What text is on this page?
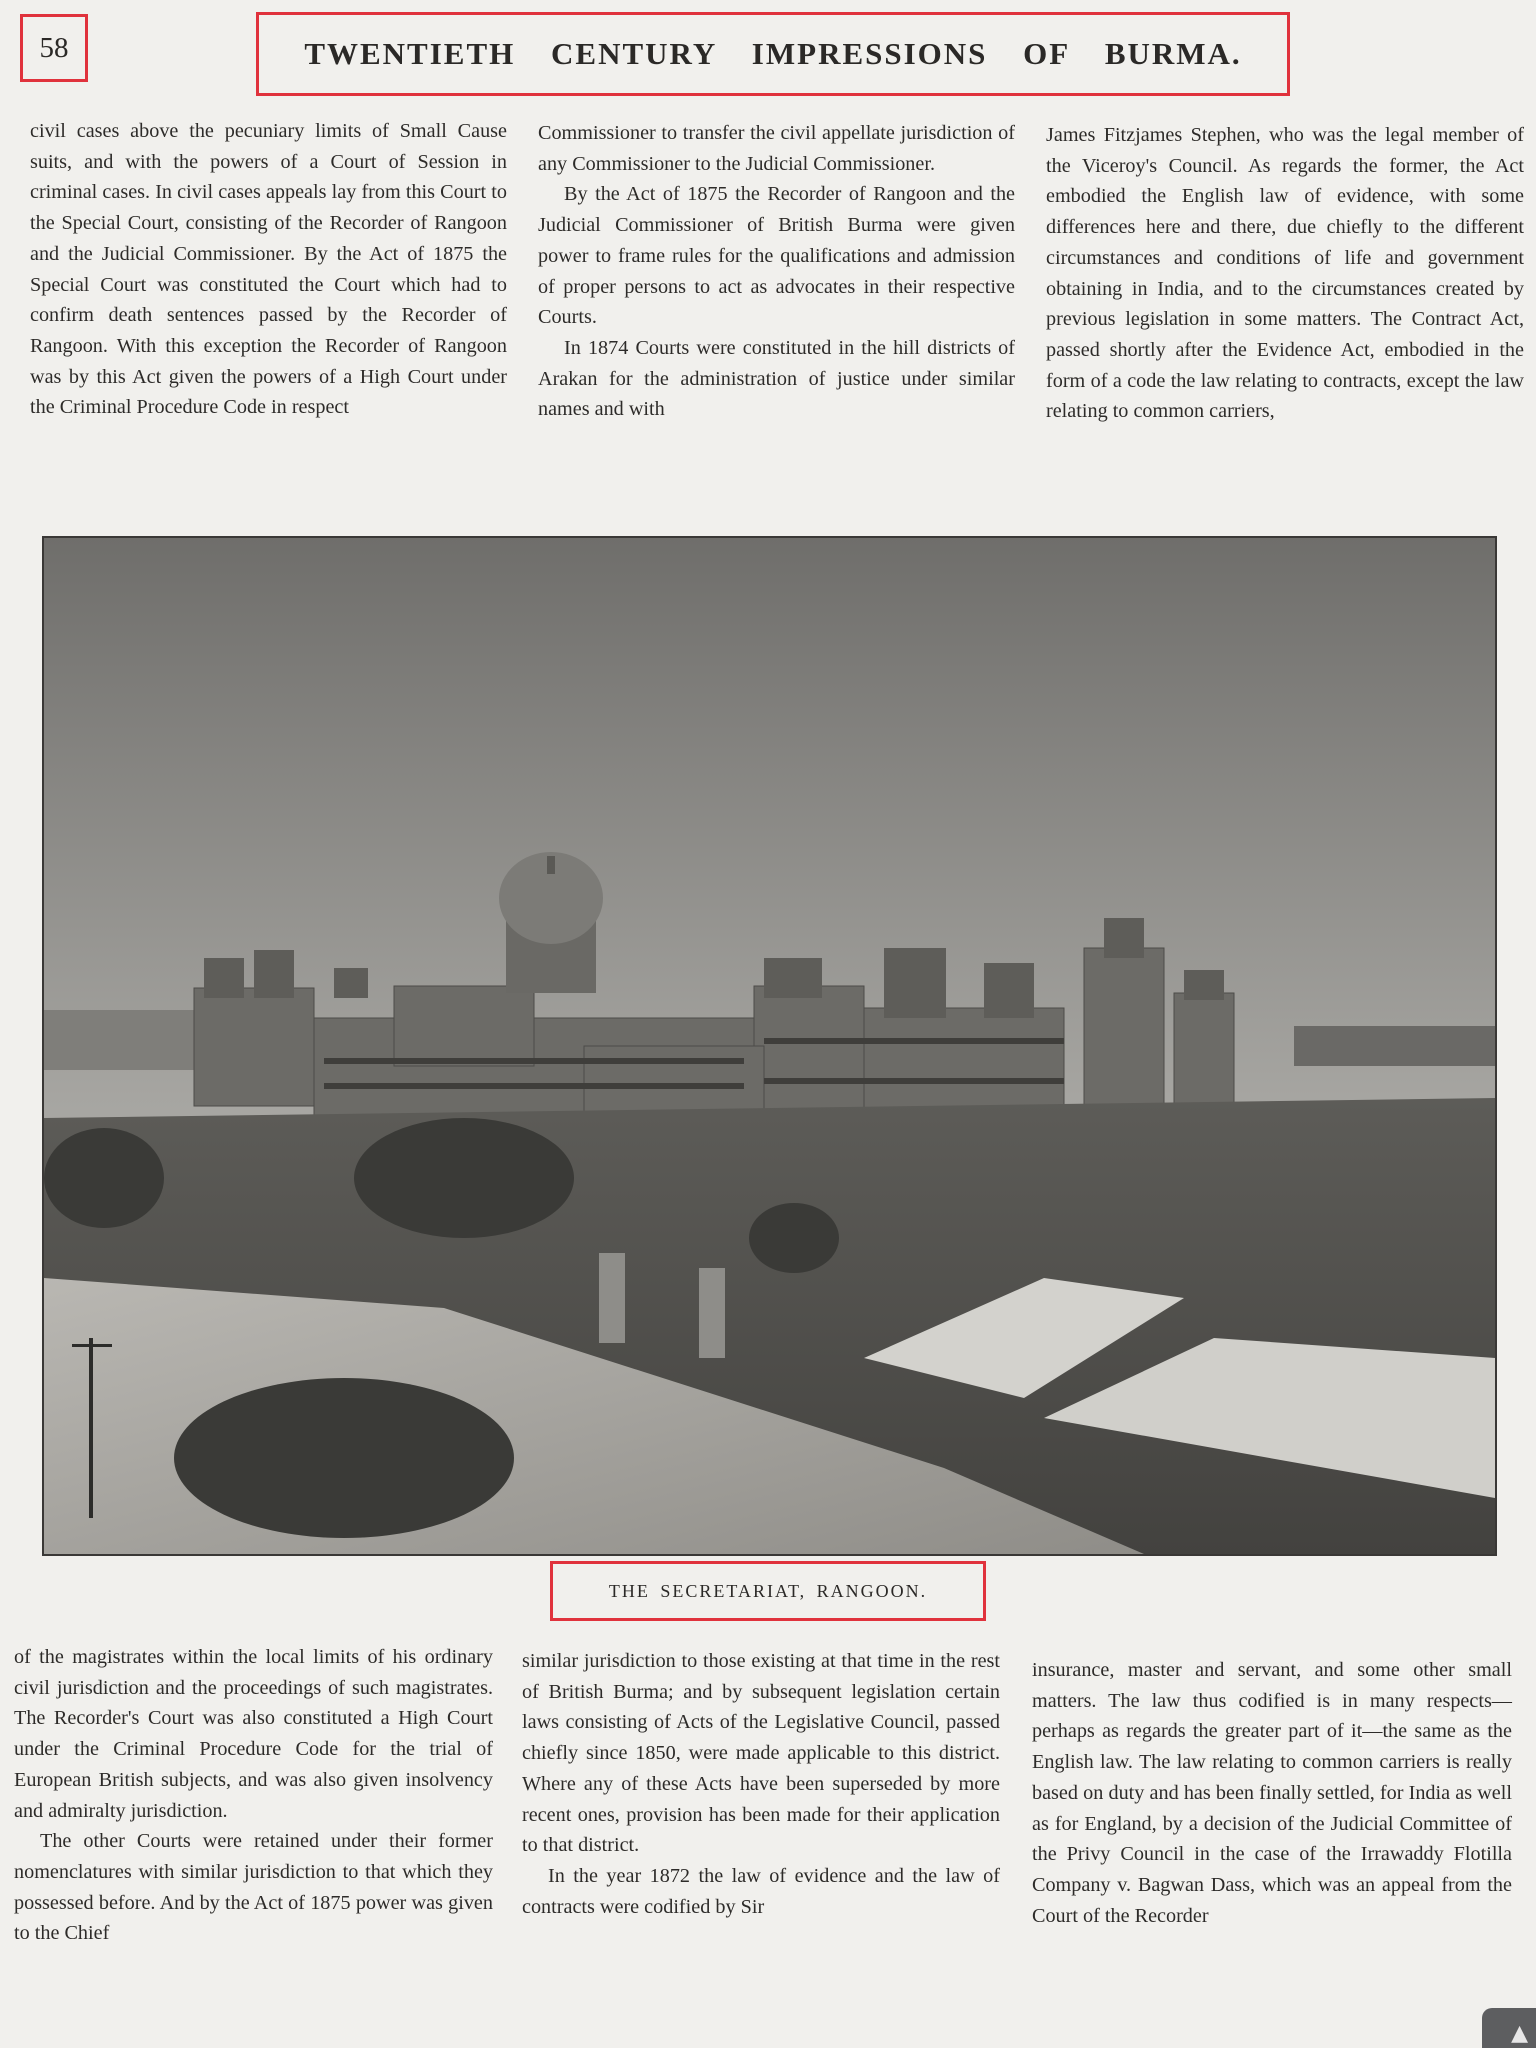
58	TWENTIETH CENTURY IMPRESSIONS OF BURMA.

civil cases above the pecuniary limits of Small Cause suits, and with the powers of a Court of Session in criminal cases. In civil cases appeals lay from this Court to the Special Court, consisting of the Recorder of Rangoon and the Judicial Commissioner. By the Act of 1875 the Special Court was constituted the Court which had to confirm death sentences passed by the Recorder of Rangoon. With this exception the Recorder of Rangoon was by this Act given the powers of a High Court under the Criminal Procedure Code in respect

Commissioner to transfer the civil appellate jurisdiction of any Commissioner to the Judicial Commissioner.

By the Act of 1875 the Recorder of Rangoon and the Judicial Commissioner of British Burma were given power to frame rules for the qualifications and admission of proper persons to act as advocates in their respective Courts.

In 1874 Courts were constituted in the hill districts of Arakan for the administration of justice under similar names and with

James Fitzjames Stephen, who was the legal member of the Viceroy's Council. As regards the former, the Act embodied the English law of evidence, with some differences here and there, due chiefly to the different circumstances and conditions of life and government obtaining in India, and to the circumstances created by previous legislation in some matters. The Contract Act, passed shortly after the Evidence Act, embodied in the form of a code the law relating to contracts, except the law relating to common carriers,

THE SECRETARIAT, RANGOON.

of the magistrates within the local limits of his ordinary civil jurisdiction and the proceedings of such magistrates. The Recorder's Court was also constituted a High Court under the Criminal Procedure Code for the trial of European British subjects, and was also given insolvency and admiralty jurisdiction.

The other Courts were retained under their former nomenclatures with similar jurisdiction to that which they possessed before. And by the Act of 1875 power was given to the Chief

similar jurisdiction to those existing at that time in the rest of British Burma; and by subsequent legislation certain laws consisting of Acts of the Legislative Council, passed chiefly since 1850, were made applicable to this district. Where any of these Acts have been superseded by more recent ones, provision has been made for their application to that district.

In the year 1872 the law of evidence and the law of contracts were codified by Sir

insurance, master and servant, and some other small matters. The law thus codified is in many respects—perhaps as regards the greater part of it—the same as the English law. The law relating to common carriers is really based on duty and has been finally settled, for India as well as for England, by a decision of the Judicial Committee of the Privy Council in the case of the Irrawaddy Flotilla Company v. Bagwan Dass, which was an appeal from the Court of the Recorder

▲
